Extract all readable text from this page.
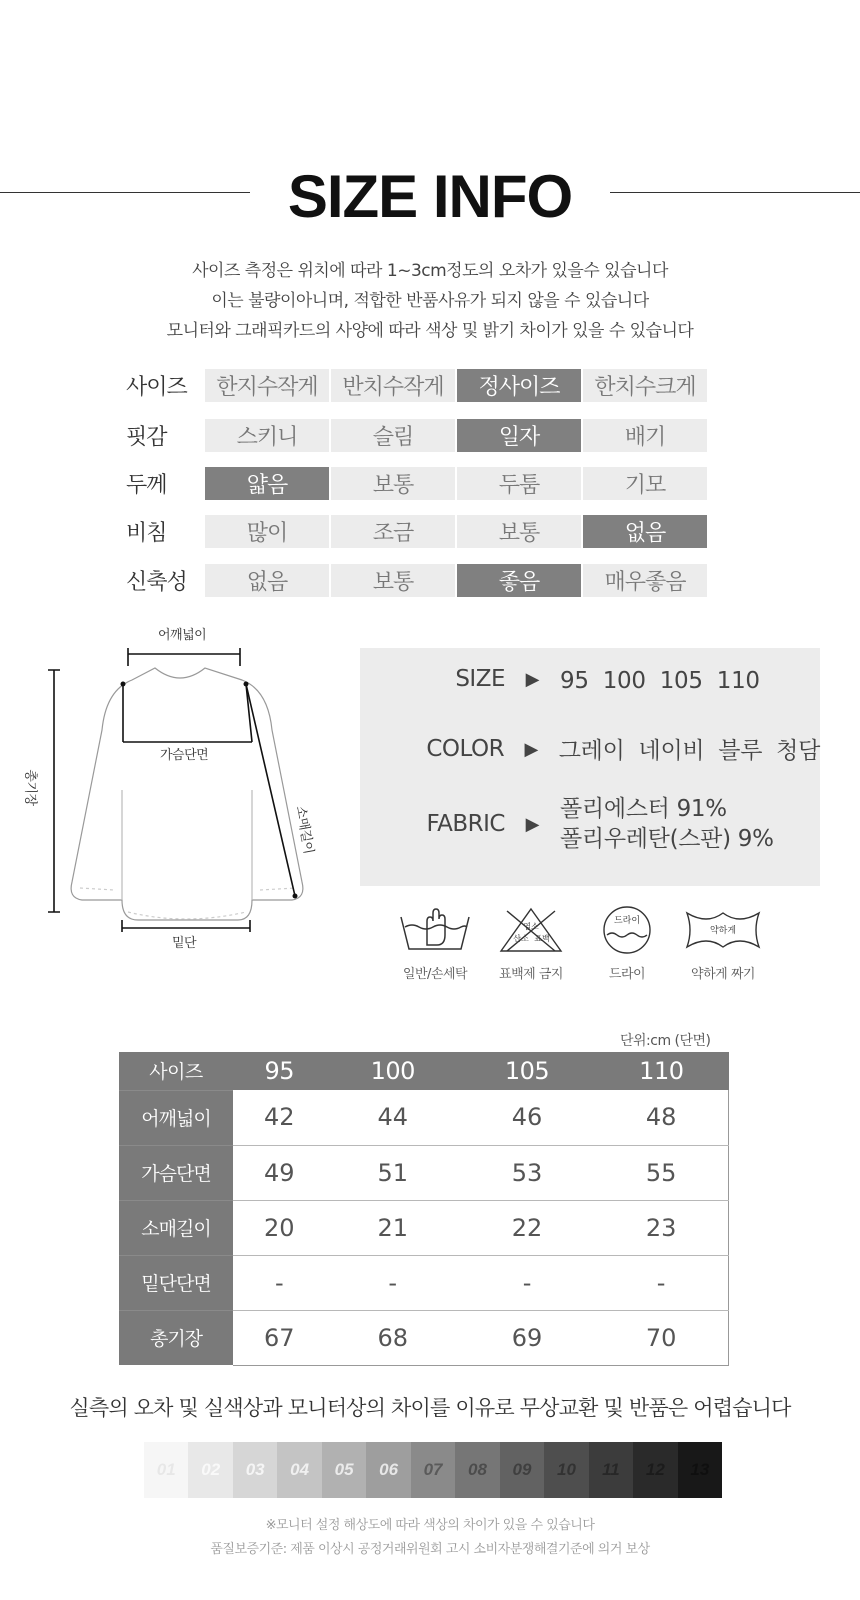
SIZE INFO
사이즈 측정은 위치에 따라 1~3cm정도의 오차가 있을수 있습니다
이는 불량이아니며, 적합한 반품사유가 되지 않을 수 있습니다
모니터와 그래픽카드의 사양에 따라 색상 및 밝기 차이가 있을 수 있습니다
사이즈	한지수작게	반치수작게	정사이즈	한치수크게
핏감	스키니	슬림	일자	배기
두께	얇음	보통	두툼	기모
비침	많이	조금	보통	없음
신축성	없음	보통	좋음	매우좋음
어깨넓이
가슴단면
총기장
소매길이
밑단
SIZE	▶ 95  100  105  110
COLOR	▶ 그레이  네이비  블루  청담
FABRIC	▶
폴리에스터 91%
폴리우레탄(스판) 9%
일반/손세탁
염소
산소 표백
표백제 금지
드라이
드라이
약하게
약하게 짜기
단위:cm (단면)
사이즈	95	100	105	110
어깨넓이	42	44	46	48
가슴단면	49	51	53	55
소매길이	20	21	22	23
밑단단면	-	-	-	-
총기장	67	68	69	70
실측의 오차 및 실색상과 모니터상의 차이를 이유로 무상교환 및 반품은 어렵습니다
01	02	03	04	05	06	07	08	09	10	11	12	13
※모니터 설정 해상도에 따라 색상의 차이가 있을 수 있습니다
품질보증기준: 제품 이상시 공정거래위원회 고시 소비자분쟁해결기준에 의거 보상
